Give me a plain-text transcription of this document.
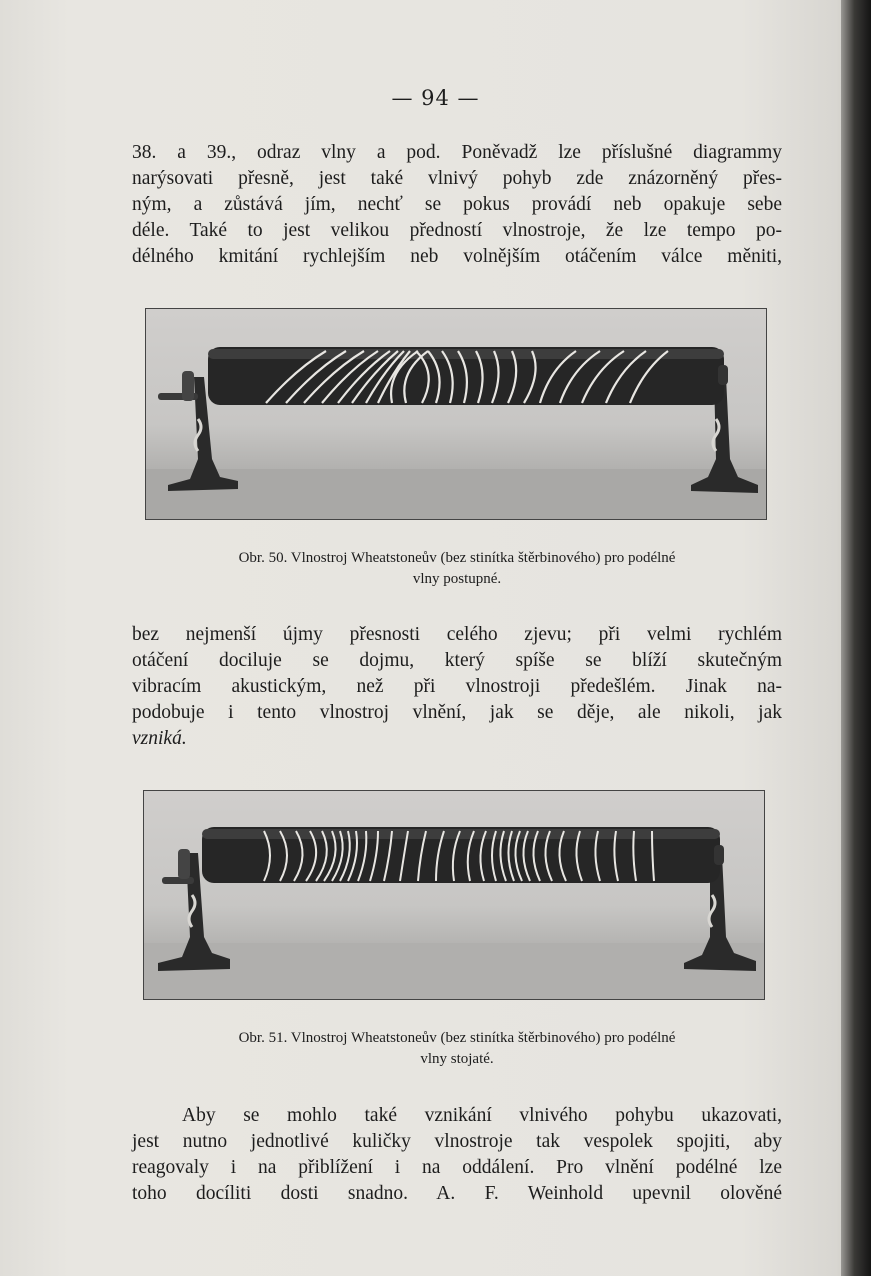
— 94 —
38. a 39., odraz vlny a pod. Poněvadž lze příslušné diagrammy
narýsovati přesně, jest také vlnivý pohyb zde znázorněný přes-
ným, a zůstává jím, nechť se pokus provádí neb opakuje sebe
déle. Také to jest velikou předností vlnostroje, že lze tempo po-
délného kmitání rychlejším neb volnějším otáčením válce měniti,
Obr. 50. Vlnostroj Wheatstoneův (bez stinítka štěrbinového) pro podélné
vlny postupné.
bez nejmenší újmy přesnosti celého zjevu; při velmi rychlém
otáčení dociluje se dojmu, který spíše se blíží skutečným
vibracím akustickým, než při vlnostroji předešlém. Jinak na-
podobuje i tento vlnostroj vlnění, jak se děje, ale nikoli, jak
vzniká.
Obr. 51. Vlnostroj Wheatstoneův (bez stinítka štěrbinového) pro podélné
vlny stojaté.
Aby se mohlo také vznikání vlnivého pohybu ukazovati,
jest nutno jednotlivé kuličky vlnostroje tak vespolek spojiti, aby
reagovaly i na přiblížení i na oddálení. Pro vlnění podélné lze
toho docíliti dosti snadno. A. F. Weinhold upevnil olověné
